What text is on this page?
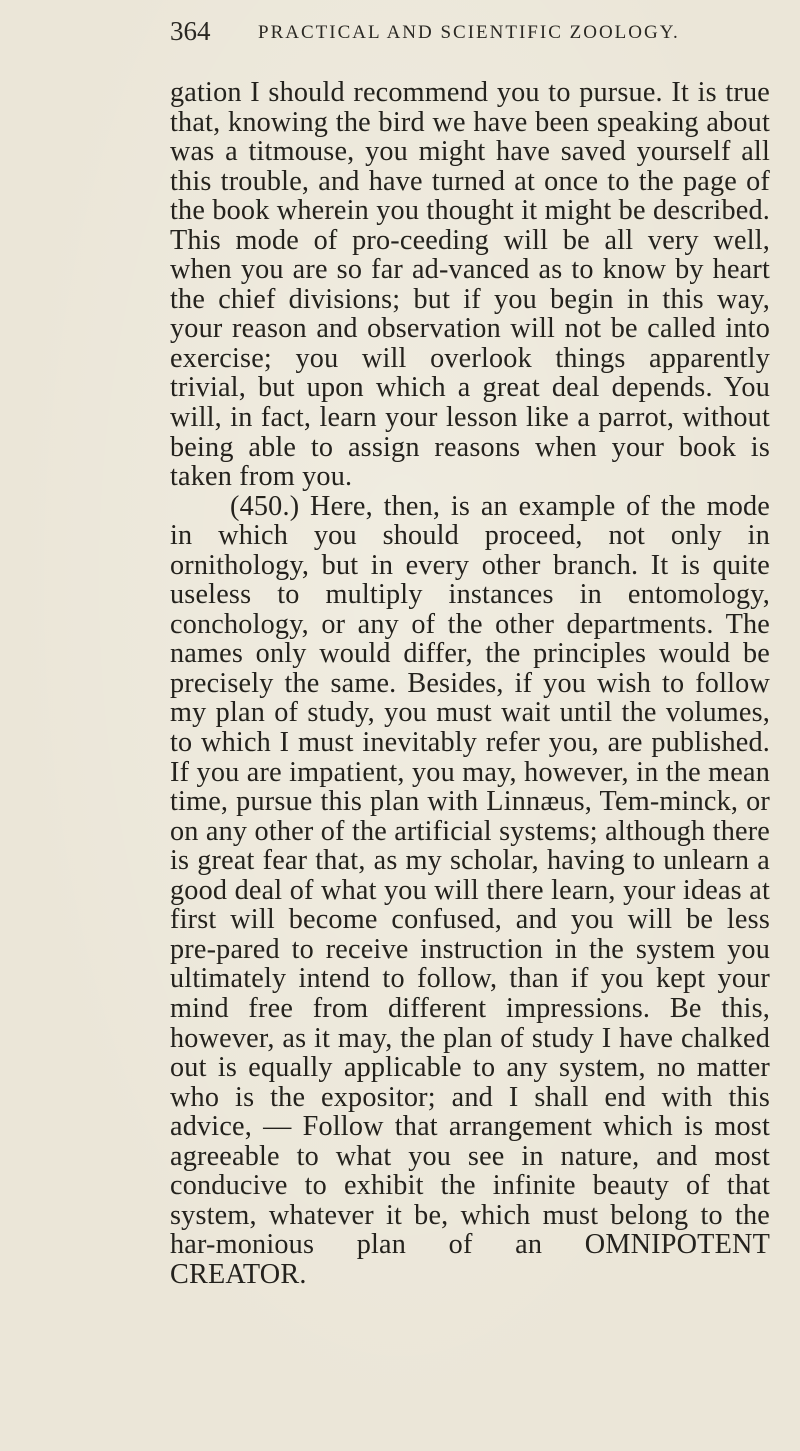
364	PRACTICAL AND SCIENTIFIC ZOOLOGY.

gation I should recommend you to pursue. It is true that, knowing the bird we have been speaking about was a titmouse, you might have saved yourself all this trouble, and have turned at once to the page of the book wherein you thought it might be described. This mode of pro-ceeding will be all very well, when you are so far ad-vanced as to know by heart the chief divisions; but if you begin in this way, your reason and observation will not be called into exercise; you will overlook things apparently trivial, but upon which a great deal depends. You will, in fact, learn your lesson like a parrot, without being able to assign reasons when your book is taken from you.

(450.) Here, then, is an example of the mode in which you should proceed, not only in ornithology, but in every other branch. It is quite useless to multiply instances in entomology, conchology, or any of the other departments. The names only would differ, the principles would be precisely the same. Besides, if you wish to follow my plan of study, you must wait until the volumes, to which I must inevitably refer you, are published. If you are impatient, you may, however, in the mean time, pursue this plan with Linnæus, Tem-minck, or on any other of the artificial systems; although there is great fear that, as my scholar, having to unlearn a good deal of what you will there learn, your ideas at first will become confused, and you will be less pre-pared to receive instruction in the system you ultimately intend to follow, than if you kept your mind free from different impressions. Be this, however, as it may, the plan of study I have chalked out is equally applicable to any system, no matter who is the expositor; and I shall end with this advice, — Follow that arrangement which is most agreeable to what you see in nature, and most conducive to exhibit the infinite beauty of that system, whatever it be, which must belong to the har-monious plan of an OMNIPOTENT CREATOR.
